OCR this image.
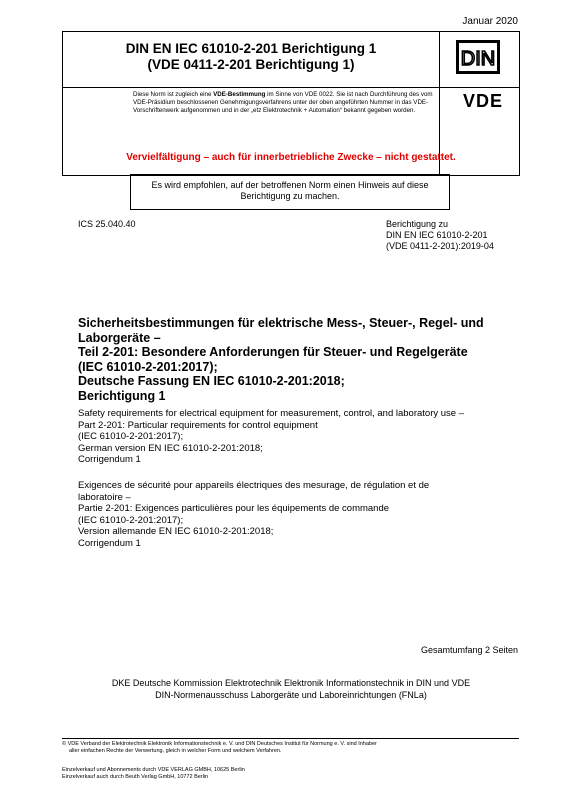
Januar 2020
DIN EN IEC 61010-2-201 Berichtigung 1
(VDE 0411-2-201 Berichtigung 1)
Diese Norm ist zugleich eine VDE-Bestimmung im Sinne von VDE 0022. Sie ist nach Durchführung des vom VDE-Präsidium beschlossenen Genehmigungsverfahrens unter der oben angeführten Nummer in das VDE-Vorschriftenwerk aufgenommen und in der „etz Elektrotechnik + Automation“ bekannt gegeben worden.
DIN
VDE
Vervielfältigung – auch für innerbetriebliche Zwecke – nicht gestattet.
Es wird empfohlen, auf der betroffenen Norm einen Hinweis auf diese
Berichtigung zu machen.
ICS 25.040.40	Berichtigung zu
DIN EN IEC 61010-2-201
(VDE 0411-2-201):2019-04
Sicherheitsbestimmungen für elektrische Mess-, Steuer-, Regel- und
Laborgeräte –
Teil 2-201: Besondere Anforderungen für Steuer- und Regelgeräte
(IEC 61010-2-201:2017);
Deutsche Fassung EN IEC 61010-2-201:2018;
Berichtigung 1
Safety requirements for electrical equipment for measurement, control, and laboratory use –
Part 2-201: Particular requirements for control equipment
(IEC 61010-2-201:2017);
German version EN IEC 61010-2-201:2018;
Corrigendum 1
Exigences de sécurité pour appareils électriques des mesurage, de régulation et de
laboratoire –
Partie 2-201: Exigences particulières pour les équipements de commande
(IEC 61010-2-201:2017);
Version allemande EN IEC 61010-2-201:2018;
Corrigendum 1
Gesamtumfang 2 Seiten
DKE Deutsche Kommission Elektrotechnik Elektronik Informationstechnik in DIN und VDE
DIN-Normenausschuss Laborgeräte und Laboreinrichtungen (FNLa)
© VDE Verband der Elektrotechnik Elektronik Informationstechnik e. V. und DIN Deutsches Institut für Normung e. V. sind Inhaber
aller einfachen Rechte der Verwertung, gleich in welcher Form und welchem Verfahren.
Einzelverkauf und Abonnements durch VDE VERLAG GMBH, 10625 Berlin
Einzelverkauf auch durch Beuth Verlag GmbH, 10772 Berlin
